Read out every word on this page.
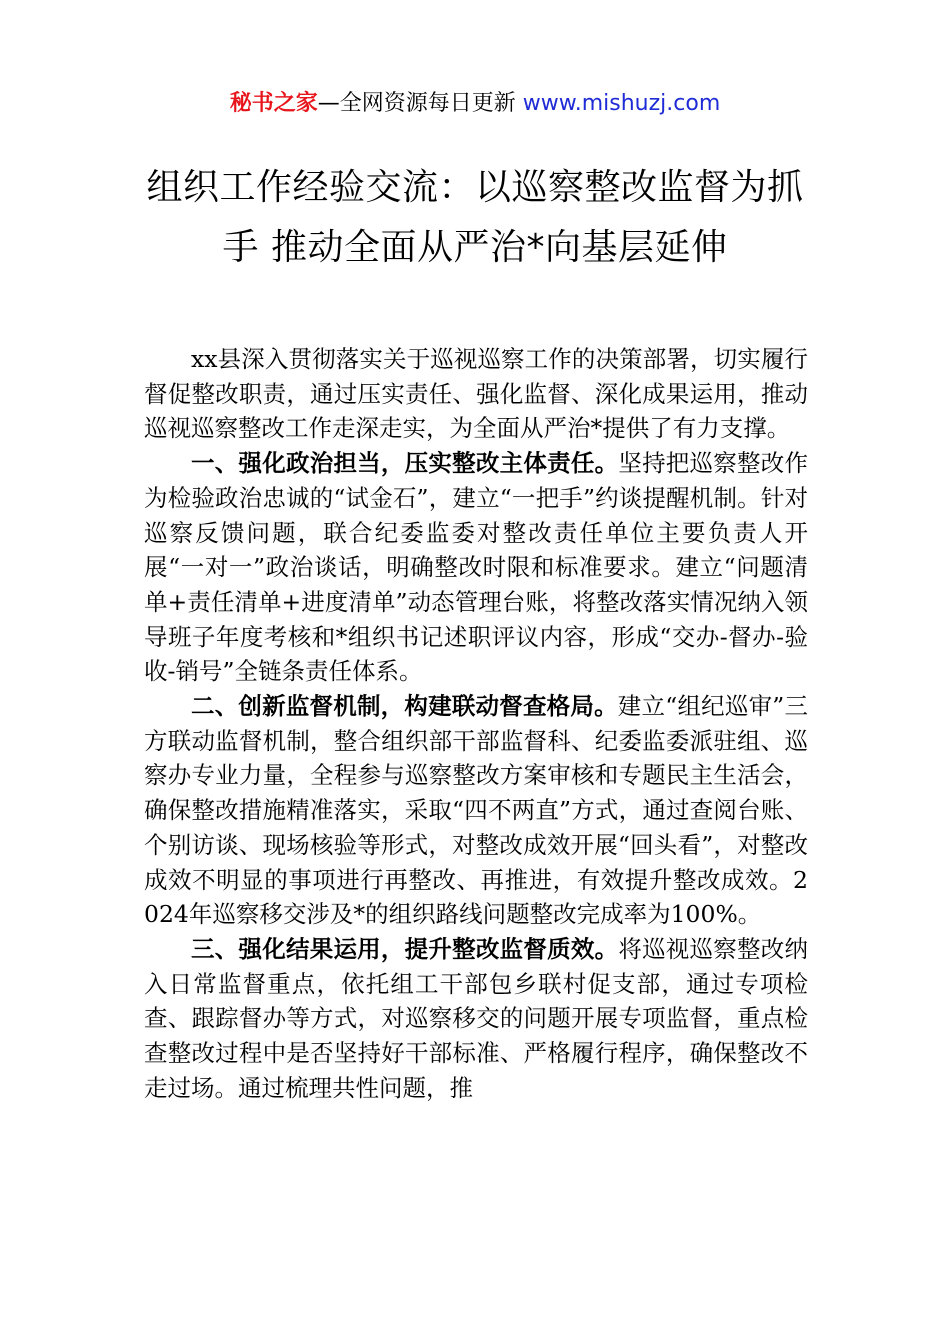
秘书之家—全网资源每日更新 www.mishuzj.com
组织工作经验交流：以巡察整改监督为抓手 推动全面从严治*向基层延伸

xx县深入贯彻落实关于巡视巡察工作的决策部署，切实履行督促整改职责，通过压实责任、强化监督、深化成果运用，推动巡视巡察整改工作走深走实，为全面从严治*提供了有力支撑。

一、强化政治担当，压实整改主体责任。坚持把巡察整改作为检验政治忠诚的“试金石”，建立“一把手”约谈提醒机制。针对巡察反馈问题，联合纪委监委对整改责任单位主要负责人开展“一对一”政治谈话，明确整改时限和标准要求。建立“问题清单+责任清单+进度清单”动态管理台账，将整改落实情况纳入领导班子年度考核和*组织书记述职评议内容，形成“交办-督办-验收-销号”全链条责任体系。

二、创新监督机制，构建联动督查格局。建立“组纪巡审”三方联动监督机制，整合组织部干部监督科、纪委监委派驻组、巡察办专业力量，全程参与巡察整改方案审核和专题民主生活会，确保整改措施精准落实，采取“四不两直”方式，通过查阅台账、个别访谈、现场核验等形式，对整改成效开展“回头看”，对整改成效不明显的事项进行再整改、再推进，有效提升整改成效。2024年巡察移交涉及*的组织路线问题整改完成率为100%。

三、强化结果运用，提升整改监督质效。将巡视巡察整改纳入日常监督重点，依托组工干部包乡联村促支部，通过专项检查、跟踪督办等方式，对巡察移交的问题开展专项监督，重点检查整改过程中是否坚持好干部标准、严格履行程序，确保整改不走过场。通过梳理共性问题，推
